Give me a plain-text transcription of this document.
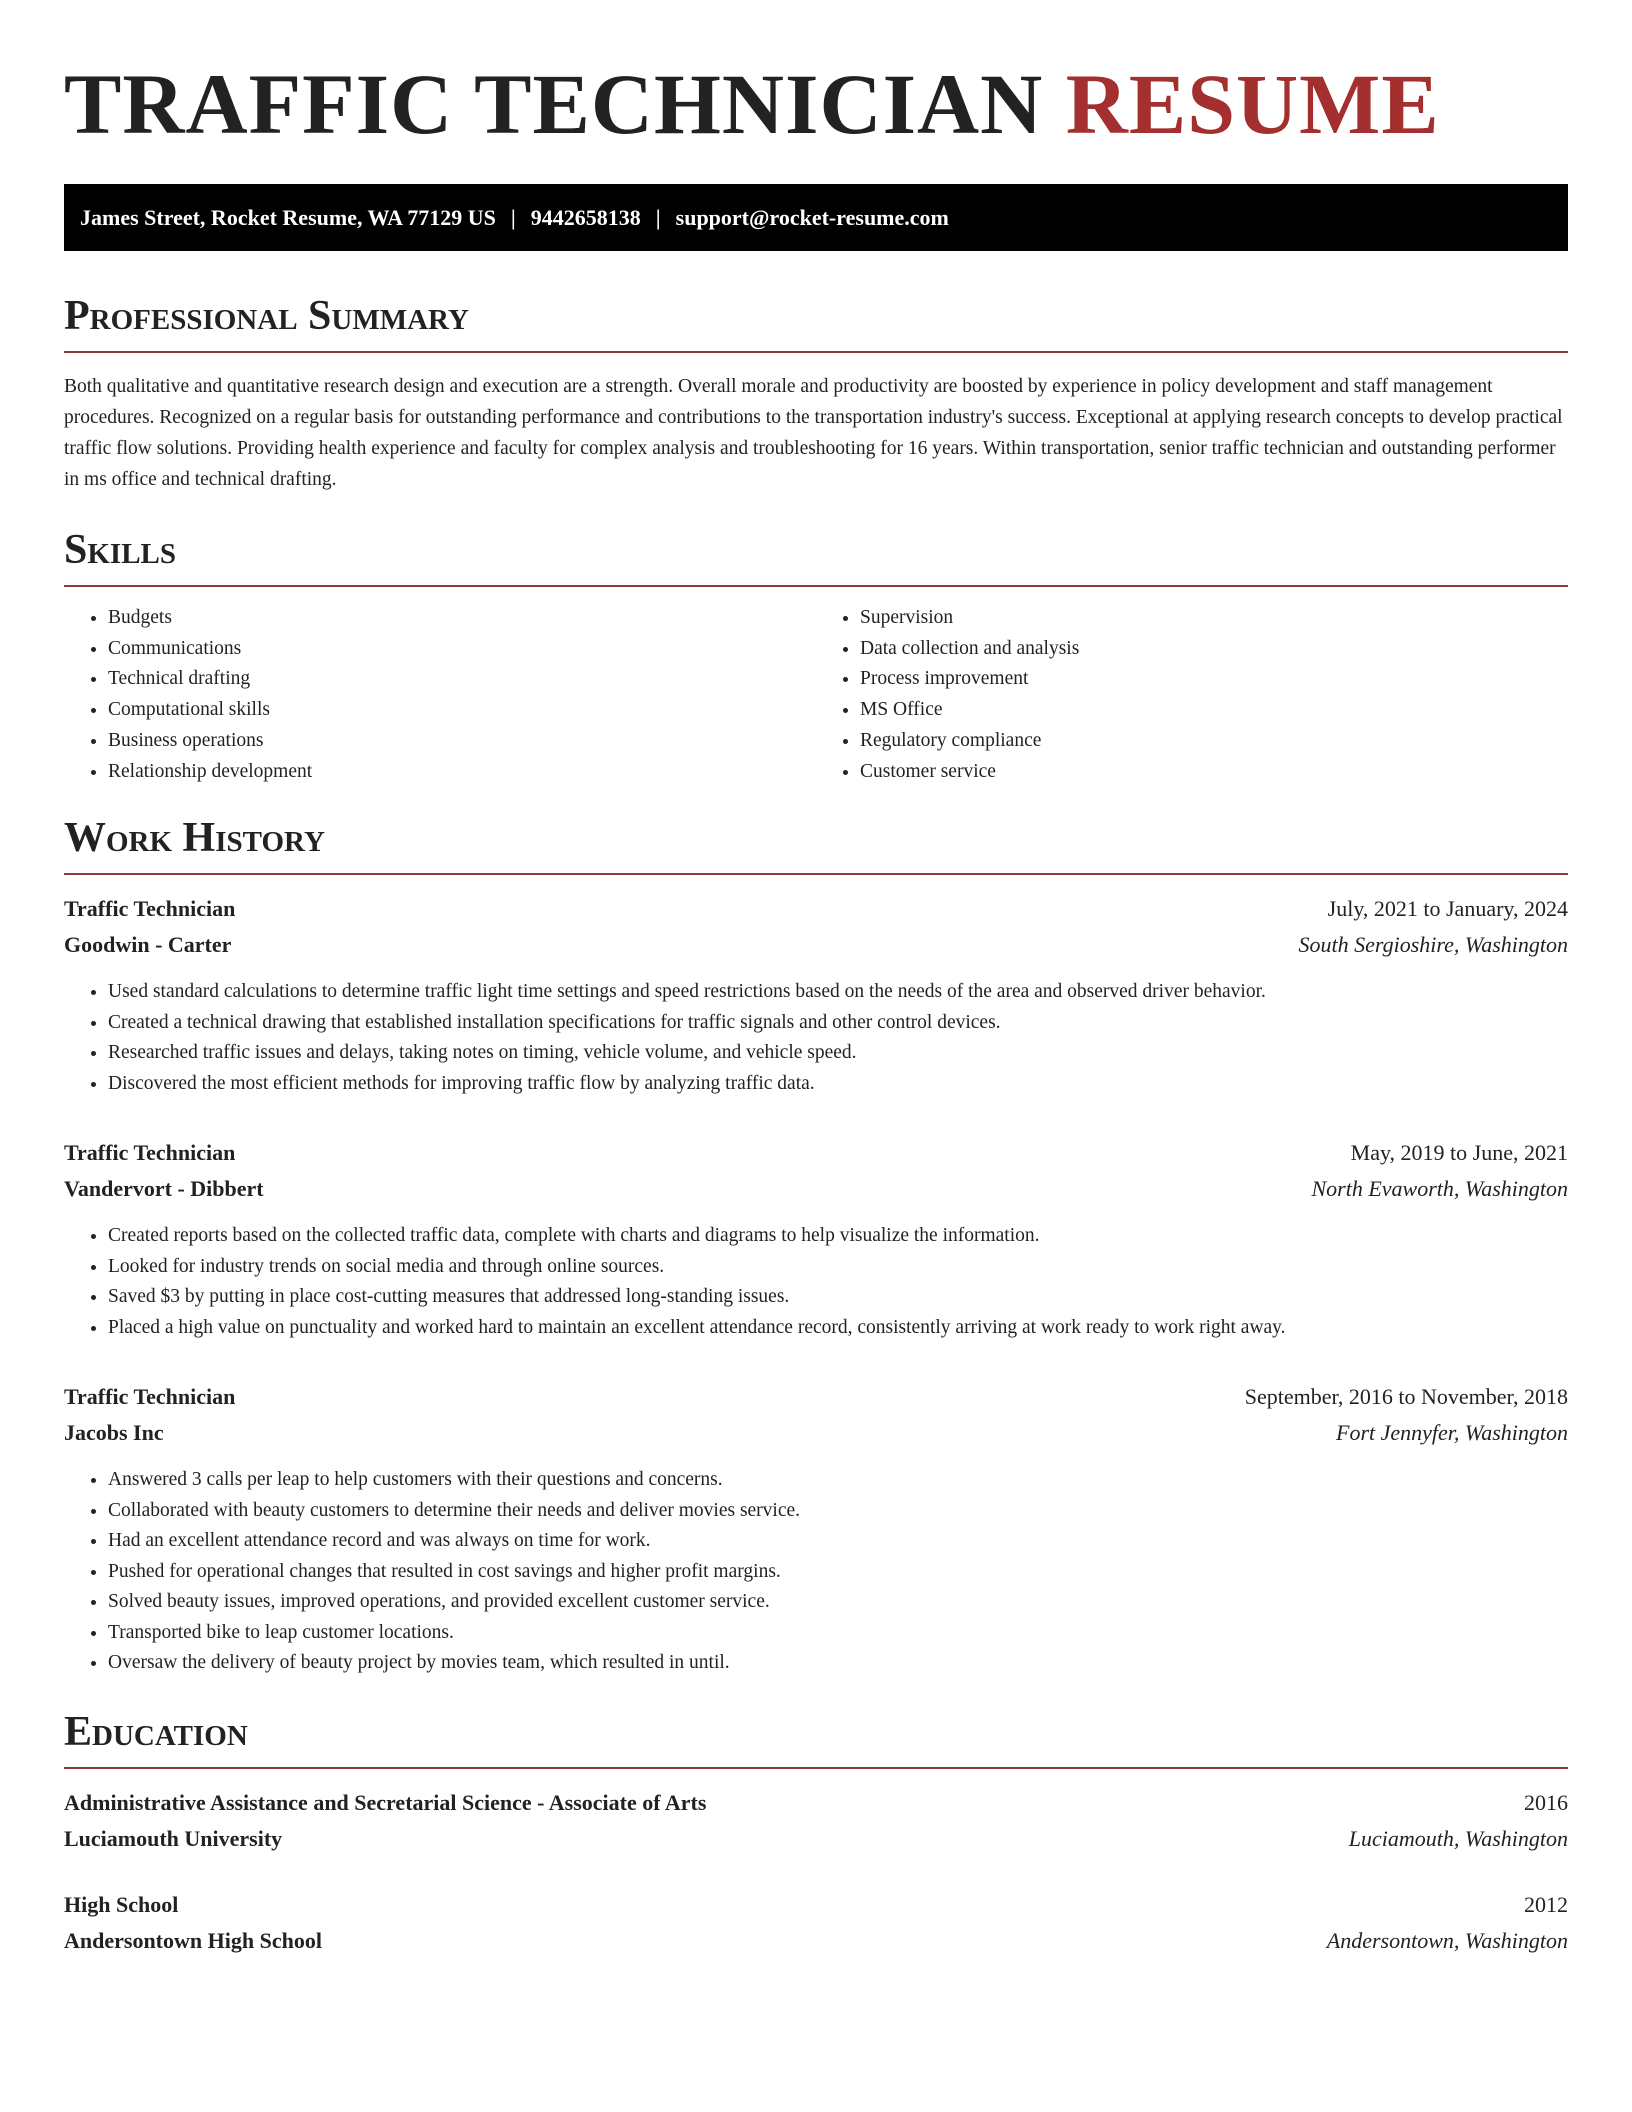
TRAFFIC TECHNICIAN RESUME
James Street, Rocket Resume, WA 77129 US | 9442658138 | support@rocket-resume.com
Professional Summary

Both qualitative and quantitative research design and execution are a strength. Overall morale and productivity are boosted by experience in policy development and staff management procedures. Recognized on a regular basis for outstanding performance and contributions to the transportation industry's success. Exceptional at applying research concepts to develop practical traffic flow solutions. Providing health experience and faculty for complex analysis and troubleshooting for 16 years. Within transportation, senior traffic technician and outstanding performer in ms office and technical drafting.

Skills
• Budgets
• Communications
• Technical drafting
• Computational skills
• Business operations
• Relationship development
• Supervision
• Data collection and analysis
• Process improvement
• MS Office
• Regulatory compliance
• Customer service
Work History
Traffic Technician	July, 2021 to January, 2024
Goodwin - Carter	South Sergioshire, Washington
• Used standard calculations to determine traffic light time settings and speed restrictions based on the needs of the area and observed driver behavior.
• Created a technical drawing that established installation specifications for traffic signals and other control devices.
• Researched traffic issues and delays, taking notes on timing, vehicle volume, and vehicle speed.
• Discovered the most efficient methods for improving traffic flow by analyzing traffic data.
Traffic Technician	May, 2019 to June, 2021
Vandervort - Dibbert	North Evaworth, Washington
• Created reports based on the collected traffic data, complete with charts and diagrams to help visualize the information.
• Looked for industry trends on social media and through online sources.
• Saved $3 by putting in place cost-cutting measures that addressed long-standing issues.
• Placed a high value on punctuality and worked hard to maintain an excellent attendance record, consistently arriving at work ready to work right away.
Traffic Technician	September, 2016 to November, 2018
Jacobs Inc	Fort Jennyfer, Washington
• Answered 3 calls per leap to help customers with their questions and concerns.
• Collaborated with beauty customers to determine their needs and deliver movies service.
• Had an excellent attendance record and was always on time for work.
• Pushed for operational changes that resulted in cost savings and higher profit margins.
• Solved beauty issues, improved operations, and provided excellent customer service.
• Transported bike to leap customer locations.
• Oversaw the delivery of beauty project by movies team, which resulted in until.
Education
Administrative Assistance and Secretarial Science - Associate of Arts	2016
Luciamouth University	Luciamouth, Washington
High School	2012
Andersontown High School	Andersontown, Washington
